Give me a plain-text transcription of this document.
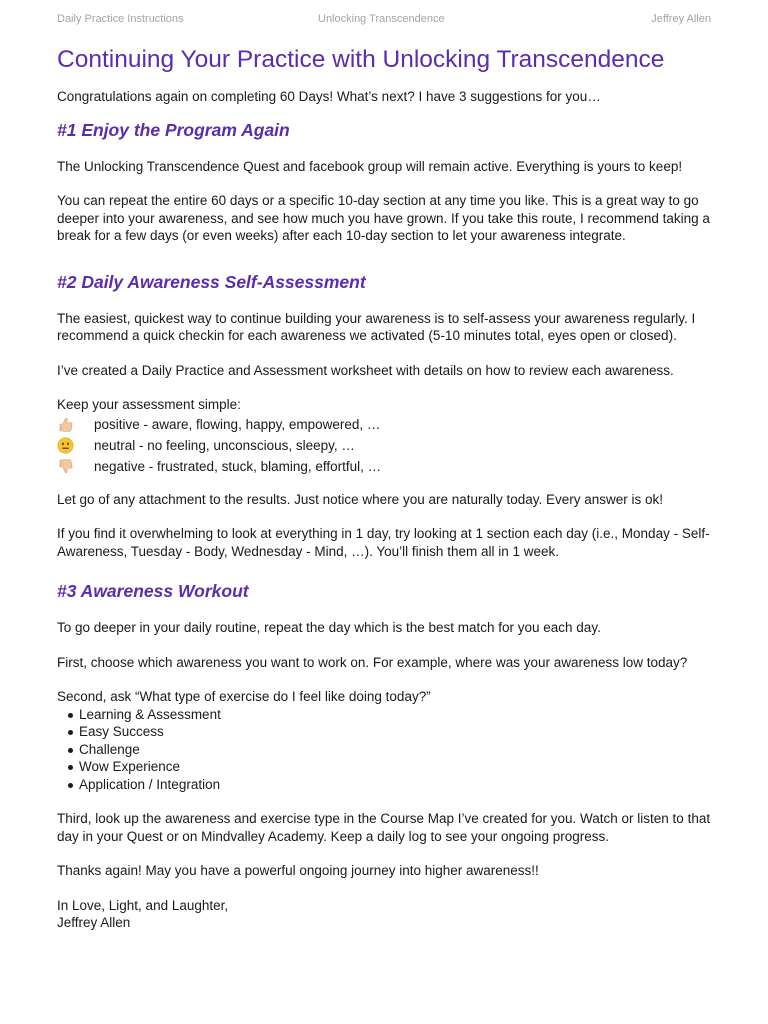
Daily Practice Instructions	Unlocking Transcendence	Jeffrey Allen
Continuing Your Practice with Unlocking Transcendence

Congratulations again on completing 60 Days! What’s next? I have 3 suggestions for you…

#1 Enjoy the Program Again

The Unlocking Transcendence Quest and facebook group will remain active. Everything is yours to keep!

You can repeat the entire 60 days or a specific 10-day section at any time you like. This is a great way to go deeper into your awareness, and see how much you have grown. If you take this route, I recommend taking a break for a few days (or even weeks) after each 10-day section to let your awareness integrate.

#2 Daily Awareness Self-Assessment

The easiest, quickest way to continue building your awareness is to self-assess your awareness regularly. I recommend a quick checkin for each awareness we activated (5-10 minutes total, eyes open or closed).

I’ve created a Daily Practice and Assessment worksheet with details on how to review each awareness.

Keep your assessment simple:

positive - aware, flowing, happy, empowered, …
neutral - no feeling, unconscious, sleepy, …
negative - frustrated, stuck, blaming, effortful, …

Let go of any attachment to the results. Just notice where you are naturally today. Every answer is ok!

If you find it overwhelming to look at everything in 1 day, try looking at 1 section each day (i.e., Monday - Self-Awareness, Tuesday - Body, Wednesday - Mind, …). You’ll finish them all in 1 week.

#3 Awareness Workout

To go deeper in your daily routine, repeat the day which is the best match for you each day.

First, choose which awareness you want to work on. For example, where was your awareness low today?

Second, ask “What type of exercise do I feel like doing today?”

Learning & Assessment
Easy Success
Challenge
Wow Experience
Application / Integration

Third, look up the awareness and exercise type in the Course Map I’ve created for you. Watch or listen to that day in your Quest or on Mindvalley Academy. Keep a daily log to see your ongoing progress.

Thanks again! May you have a powerful ongoing journey into higher awareness!!

In Love, Light, and Laughter,

Jeffrey Allen
